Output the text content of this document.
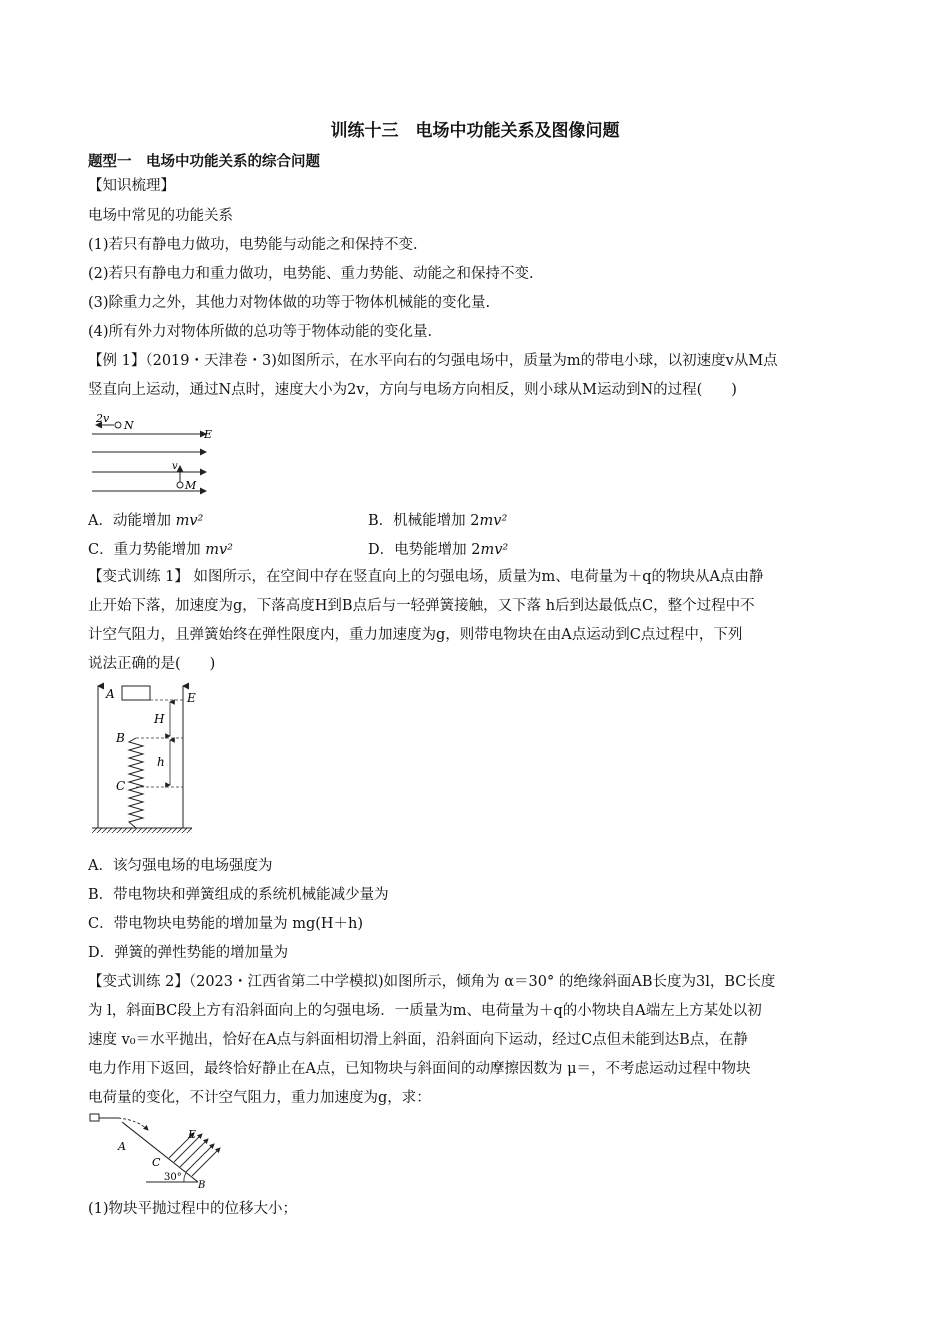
训练十三　电场中功能关系及图像问题
题型一　电场中功能关系的综合问题
【知识梳理】
电场中常见的功能关系
(1)若只有静电力做功，电势能与动能之和保持不变.
(2)若只有静电力和重力做功，电势能、重力势能、动能之和保持不变.
(3)除重力之外，其他力对物体做的功等于物体机械能的变化量.
(4)所有外力对物体所做的总功等于物体动能的变化量.
【例 1】（2019・天津卷・3)如图所示，在水平向右的匀强电场中，质量为m的带电小球，以初速度v从M点
竖直向上运动，通过N点时，速度大小为2v，方向与电场方向相反，则小球从M运动到N的过程(　　)
2v
N
E
v
M
A．动能增加 mv²	B．机械能增加 2mv²
C．重力势能增加 mv²	D．电势能增加 2mv²
【变式训练 1】 如图所示，在空间中存在竖直向上的匀强电场，质量为m、电荷量为＋q的物块从A点由静
止开始下落，加速度为g，下落高度H到B点后与一轻弹簧接触，又下落 h后到达最低点C，整个过程中不
计空气阻力，且弹簧始终在弹性限度内，重力加速度为g，则带电物块在由A点运动到C点过程中，下列
说法正确的是(　　)
A	E
H
h
B
C
A．该匀强电场的电场强度为
B．带电物块和弹簧组成的系统机械能减少量为
C．带电物块电势能的增加量为 mg(H＋h)
D．弹簧的弹性势能的增加量为
【变式训练 2】（2023・江西省第二中学模拟)如图所示，倾角为 α＝30° 的绝缘斜面AB长度为3l，BC长度
为 l，斜面BC段上方有沿斜面向上的匀强电场．一质量为m、电荷量为＋q的小物块自A端左上方某处以初
速度 v₀＝水平抛出，恰好在A点与斜面相切滑上斜面，沿斜面向下运动，经过C点但未能到达B点，在静
电力作用下返回，最终恰好静止在A点，已知物块与斜面间的动摩擦因数为 μ＝，不考虑运动过程中物块
电荷量的变化，不计空气阻力，重力加速度为g，求：
A
C
E
B
30°
(1)物块平抛过程中的位移大小；
